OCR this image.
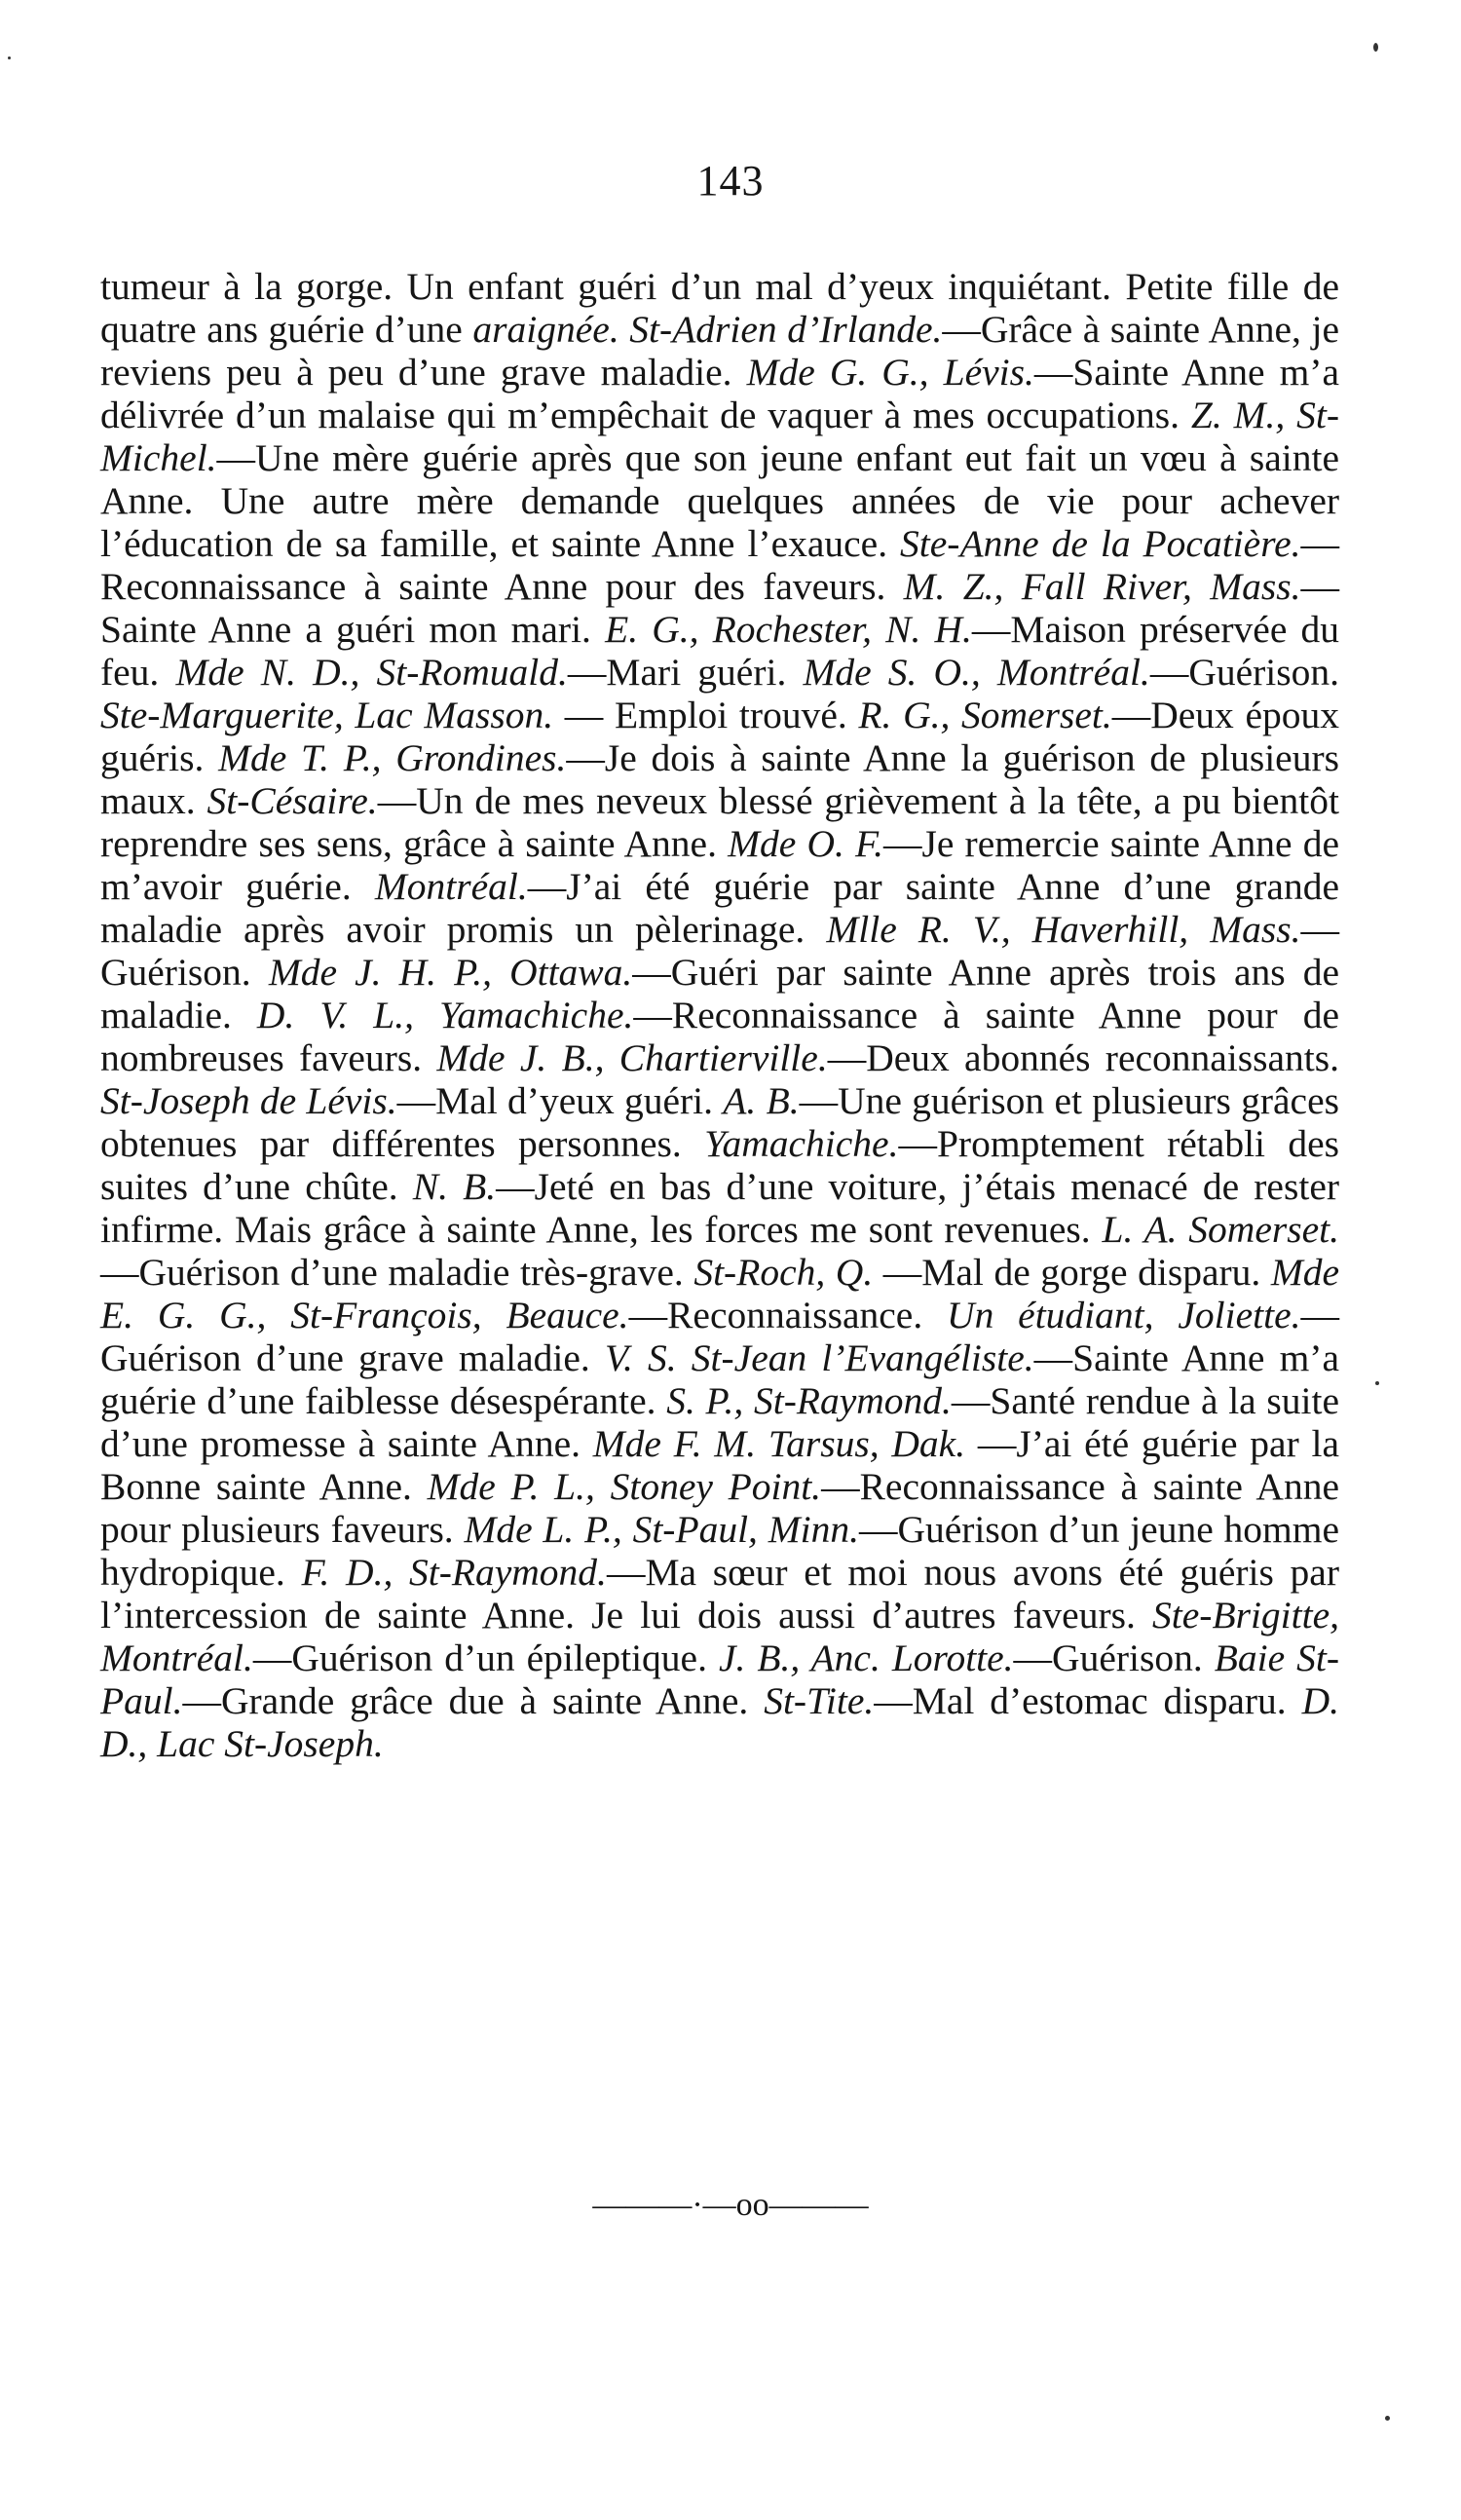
143
tumeur à la gorge. Un enfant guéri d’un mal d’yeux inquiétant. Petite fille de quatre ans guérie d’une araignée. St-Adrien d’Irlande.—Grâce à sainte Anne, je reviens peu à peu d’une grave maladie. Mde G. G., Lévis.—Sainte Anne m’a délivrée d’un malaise qui m’empêchait de vaquer à mes occupations. Z. M., St-Michel.—Une mère guérie après que son jeune enfant eut fait un vœu à sainte Anne. Une autre mère demande quelques années de vie pour achever l’éducation de sa famille, et sainte Anne l’exauce. Ste-Anne de la Pocatière.—Reconnaissance à sainte Anne pour des faveurs. M. Z., Fall River, Mass.—Sainte Anne a guéri mon mari. E. G., Rochester, N. H.—Maison préservée du feu. Mde N. D., St-Romuald.—Mari guéri. Mde S. O., Montréal.—Guérison. Ste-Marguerite, Lac Masson. — Emploi trouvé. R. G., Somerset.—Deux époux guéris. Mde T. P., Grondines.—Je dois à sainte Anne la guérison de plusieurs maux. St-Césaire.—Un de mes neveux blessé grièvement à la tête, a pu bientôt reprendre ses sens, grâce à sainte Anne. Mde O. F.—Je remercie sainte Anne de m’avoir guérie. Montréal.—J’ai été guérie par sainte Anne d’une grande maladie après avoir promis un pèlerinage. Mlle R. V., Haverhill, Mass.—Guérison. Mde J. H. P., Ottawa.—Guéri par sainte Anne après trois ans de maladie. D. V. L., Yamachiche.—Reconnaissance à sainte Anne pour de nombreuses faveurs. Mde J. B., Chartierville.—Deux abonnés reconnaissants. St-Joseph de Lévis.—Mal d’yeux guéri. A. B.—Une guérison et plusieurs grâces obtenues par différentes personnes. Yamachiche.—Promptement rétabli des suites d’une chûte. N. B.—Jeté en bas d’une voiture, j’étais menacé de rester infirme. Mais grâce à sainte Anne, les forces me sont revenues. L. A. Somerset.—Guérison d’une maladie très-grave. St-Roch, Q. —Mal de gorge disparu. Mde E. G. G., St-François, Beauce.—Reconnaissance. Un étudiant, Joliette.—Guérison d’une grave maladie. V. S. St-Jean l’Evangéliste.—Sainte Anne m’a guérie d’une faiblesse désespérante. S. P., St-Raymond.—Santé rendue à la suite d’une promesse à sainte Anne. Mde F. M. Tarsus, Dak. —J’ai été guérie par la Bonne sainte Anne. Mde P. L., Stoney Point.—Reconnaissance à sainte Anne pour plusieurs faveurs. Mde L. P., St-Paul, Minn.—Guérison d’un jeune homme hydropique. F. D., St-Raymond.—Ma sœur et moi nous avons été guéris par l’intercession de sainte Anne. Je lui dois aussi d’autres faveurs. Ste-Brigitte, Montréal.—Guérison d’un épileptique. J. B., Anc. Lorotte.—Guérison. Baie St-Paul.—Grande grâce due à sainte Anne. St-Tite.—Mal d’estomac disparu. D. D., Lac St-Joseph.
———·—oo———
